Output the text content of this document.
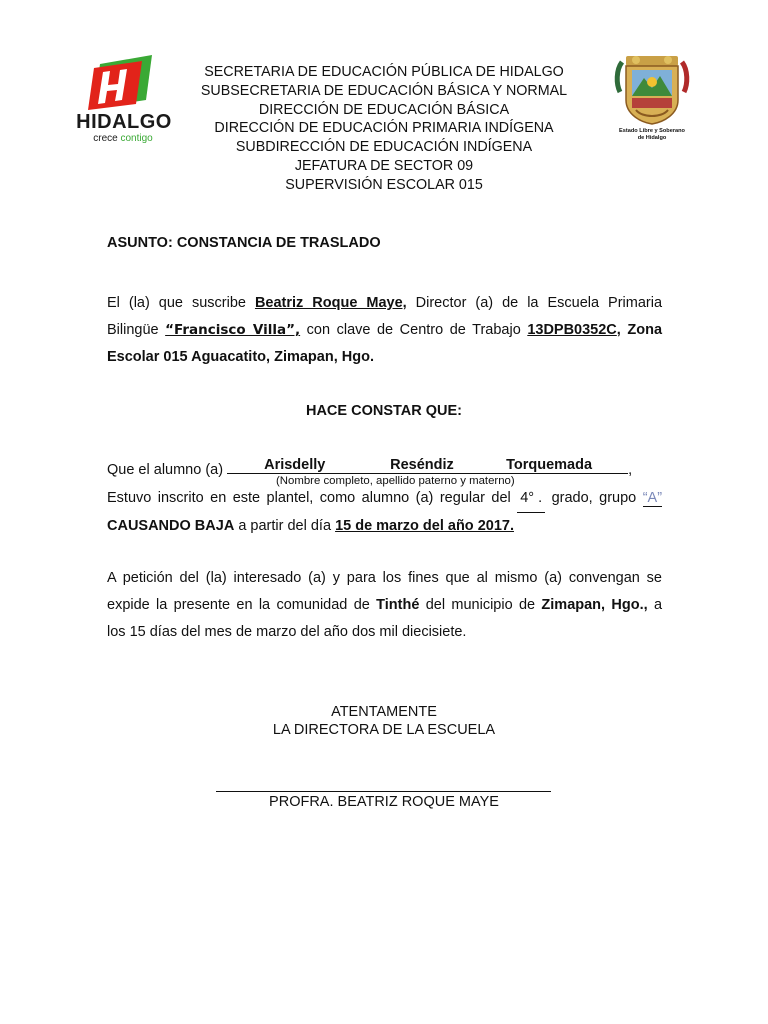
HIDALGO
crece contigo
SECRETARIA DE EDUCACIÓN PÚBLICA DE HIDALGO
SUBSECRETARIA DE EDUCACIÓN BÁSICA Y NORMAL
DIRECCIÓN DE EDUCACIÓN BÁSICA
DIRECCIÓN DE EDUCACIÓN PRIMARIA INDÍGENA
SUBDIRECCIÓN DE EDUCACIÓN INDÍGENA
JEFATURA DE SECTOR 09
SUPERVISIÓN ESCOLAR 015
Estado Libre y Soberano
de Hidalgo
ASUNTO: CONSTANCIA DE TRASLADO
El (la) que suscribe Beatriz Roque Maye, Director (a) de la Escuela Primaria
Bilingüe “Francisco Villa”, con clave de Centro de Trabajo 13DPB0352C, Zona
Escolar 015 Aguacatito, Zimapan, Hgo.
HACE CONSTAR QUE:
Que el alumno (a)	Arisdelly	Reséndiz	Torquemada ,
(Nombre completo, apellido paterno y materno)
Estuvo inscrito en este plantel, como alumno (a) regular del 4° . grado, grupo “A”
CAUSANDO BAJA a partir del día 15 de marzo del año 2017.
A petición del (la) interesado (a) y para los fines que al mismo (a) convengan se
expide la presente en la comunidad de Tinthé del municipio de Zimapan, Hgo., a
los 15 días del mes de marzo del año dos mil diecisiete.
ATENTAMENTE
LA DIRECTORA DE LA ESCUELA
PROFRA. BEATRIZ ROQUE MAYE
